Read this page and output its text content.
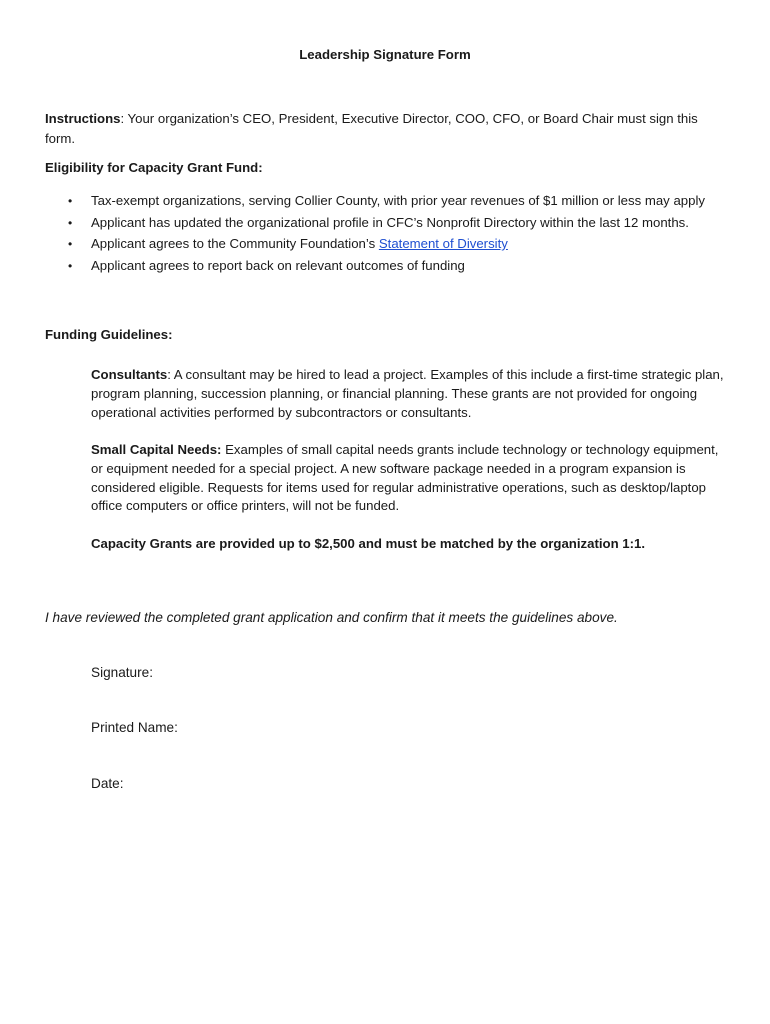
Leadership Signature Form
Instructions: Your organization’s CEO, President, Executive Director, COO, CFO, or Board Chair must sign this form.
Eligibility for Capacity Grant Fund:
• Tax-exempt organizations, serving Collier County, with prior year revenues of $1 million or less may apply
• Applicant has updated the organizational profile in CFC’s Nonprofit Directory within the last 12 months.
• Applicant agrees to the Community Foundation’s Statement of Diversity
• Applicant agrees to report back on relevant outcomes of funding
Funding Guidelines:
Consultants: A consultant may be hired to lead a project. Examples of this include a first-time strategic plan, program planning, succession planning, or financial planning. These grants are not provided for ongoing operational activities performed by subcontractors or consultants.
Small Capital Needs: Examples of small capital needs grants include technology or technology equipment, or equipment needed for a special project. A new software package needed in a program expansion is considered eligible. Requests for items used for regular administrative operations, such as desktop/laptop office computers or office printers, will not be funded.
Capacity Grants are provided up to $2,500 and must be matched by the organization 1:1.
I have reviewed the completed grant application and confirm that it meets the guidelines above.
Signature:
Printed Name:
Date:
